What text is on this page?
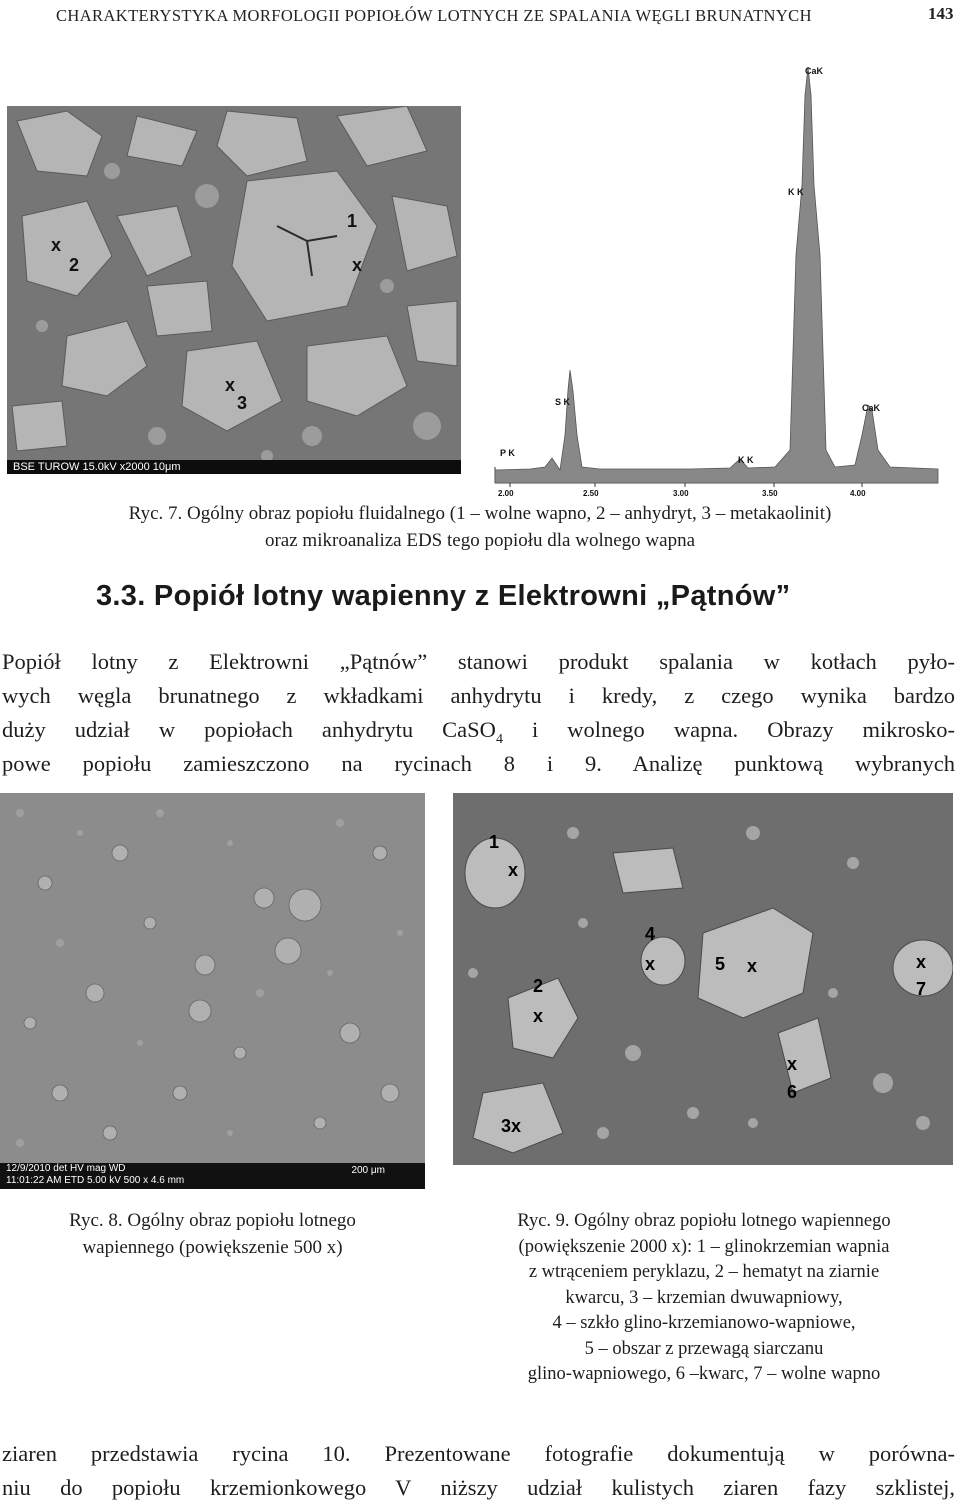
CHARAKTERYSTYKA MORFOLOGII POPIOŁÓW LOTNYCH ZE SPALANIA WĘGLI BRUNATNYCH	143
x
2
1
x
x
3
BSE TUROW 15.0kV x2000 10μm
CaK
K K
S K
CaK
P K
K K
2.00	2.50	3.00	3.50	4.00
Ryc. 7. Ogólny obraz popiołu fluidalnego (1 – wolne wapno, 2 – anhydryt, 3 – metakaolinit)
oraz mikroanaliza EDS tego popiołu dla wolnego wapna
3.3. Popiół lotny wapienny z Elektrowni „Pątnów”
Popiół lotny z Elektrowni „Pątnów” stanowi produkt spalania w kotłach pyło-
wych węgla brunatnego z wkładkami anhydrytu i kredy, z czego wynika bardzo
duży udział w popiołach anhydrytu CaSO$_4$ i wolnego wapna. Obrazy mikrosko-
powe popiołu zamieszczono na rycinach 8 i 9. Analizę punktową wybranych
12/9/2010 det HV mag WD
11:01:22 AM ETD 5.00 kV 500 x 4.6 mm
200 μm
1
x
4
x	5 x	x
7
2
x
x
6
3x
Ryc. 8. Ogólny obraz popiołu lotnego
wapiennego (powiększenie 500 x)
Ryc. 9. Ogólny obraz popiołu lotnego wapiennego
(powiększenie 2000 x): 1 – glinokrzemian wapnia
z wtrąceniem peryklazu, 2 – hematyt na ziarnie
kwarcu, 3 – krzemian dwuwapniowy,
4 – szkło glino-krzemianowo-wapniowe,
5 – obszar z przewagą siarczanu
glino-wapniowego, 6 –kwarc, 7 – wolne wapno
ziaren przedstawia rycina 10. Prezentowane fotografie dokumentują w porówna-
niu do popiołu krzemionkowego V niższy udział kulistych ziaren fazy szklistej,
